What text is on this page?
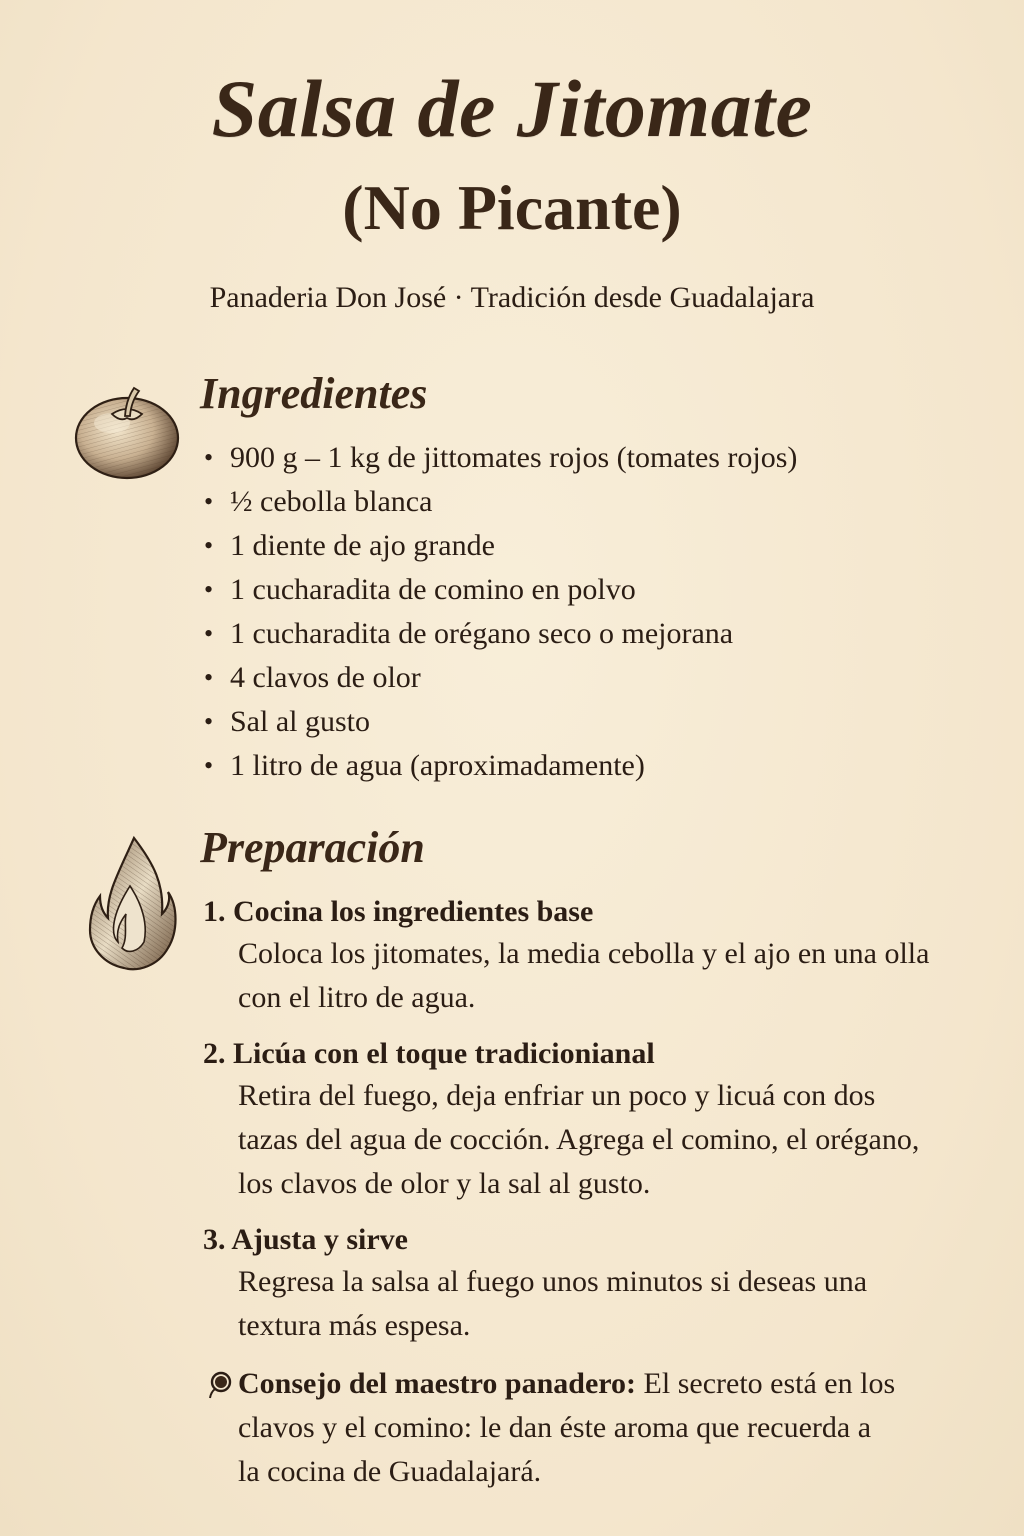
Salsa de Jitomate
(No Picante)
Panaderia Don José · Tradición desde Guadalajara
Ingredientes
• 900 g – 1 kg de jittomates rojos (tomates rojos)
• ½ cebolla blanca
• 1 diente de ajo grande
• 1 cucharadita de comino en polvo
• 1 cucharadita de orégano seco o mejorana
• 4 clavos de olor
• Sal al gusto
• 1 litro de agua (aproximadamente)
Preparación
1. Cocina los ingredientes base
Coloca los jitomates, la media cebolla y el ajo en una olla con el litro de agua.
2. Licúa con el toque tradicionianal
Retira del fuego, deja enfriar un poco y licuá con dos tazas del agua de cocción. Agrega el comino, el orégano, los clavos de olor y la sal al gusto.
3. Ajusta y sirve
Regresa la salsa al fuego unos minutos si deseas una textura más espesa.
Consejo del maestro panadero: El secreto está en los clavos y el comino: le dan éste aroma que recuerda a la cocina de Guadalajará.
